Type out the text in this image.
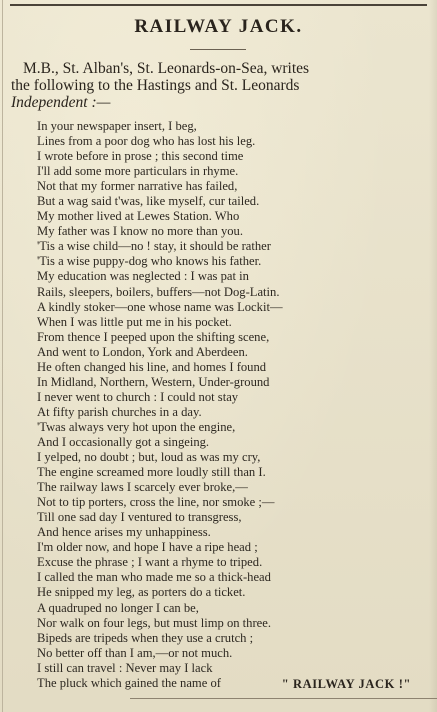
RAILWAY JACK.
M.B., St. Alban's, St. Leonards-on-Sea, writes
the following to the Hastings and St. Leonards
Independent :—
In your newspaper insert, I beg,
Lines from a poor dog who has lost his leg.
I wrote before in prose ; this second time
I'll add some more particulars in rhyme.
Not that my former narrative has failed,
But a wag said t'was, like myself, cur tailed.
My mother lived at Lewes Station. Who
My father was I know no more than you.
'Tis a wise child—no ! stay, it should be rather
'Tis a wise puppy-dog who knows his father.
My education was neglected : I was pat in
Rails, sleepers, boilers, buffers—not Dog-Latin.
A kindly stoker—one whose name was Lockit—
When I was little put me in his pocket.
From thence I peeped upon the shifting scene,
And went to London, York and Aberdeen.
He often changed his line, and homes I found
In Midland, Northern, Western, Under-ground
I never went to church : I could not stay
At fifty parish churches in a day.
'Twas always very hot upon the engine,
And I occasionally got a singeing.
I yelped, no doubt ; but, loud as was my cry,
The engine screamed more loudly still than I.
The railway laws I scarcely ever broke,—
Not to tip porters, cross the line, nor smoke ;—
Till one sad day I ventured to transgress,
And hence arises my unhappiness.
I'm older now, and hope I have a ripe head ;
Excuse the phrase ; I want a rhyme to triped.
I called the man who made me so a thick-head
He snipped my leg, as porters do a ticket.
A quadruped no longer I can be,
Nor walk on four legs, but must limp on three.
Bipeds are tripeds when they use a crutch ;
No better off than I am,—or not much.
I still can travel : Never may I lack
The pluck which gained the name of	" RAILWAY JACK !"
